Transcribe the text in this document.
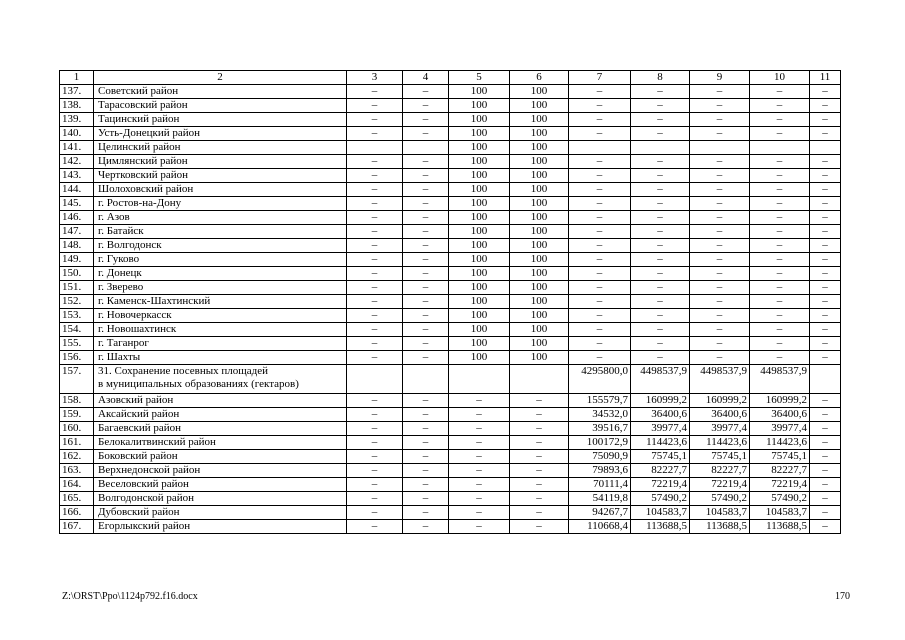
1	2	3	4	5	6	7	8	9	10	11
137.	Советский район	–	–	100	100	–	–	–	–	–
138.	Тарасовский район	–	–	100	100	–	–	–	–	–
139.	Тацинский район	–	–	100	100	–	–	–	–	–
140.	Усть-Донецкий район	–	–	100	100	–	–	–	–	–
141.	Целинский район			100	100					
142.	Цимлянский район	–	–	100	100	–	–	–	–	–
143.	Чертковский район	–	–	100	100	–	–	–	–	–
144.	Шолоховский район	–	–	100	100	–	–	–	–	–
145.	г. Ростов-на-Дону	–	–	100	100	–	–	–	–	–
146.	г. Азов	–	–	100	100	–	–	–	–	–
147.	г. Батайск	–	–	100	100	–	–	–	–	–
148.	г. Волгодонск	–	–	100	100	–	–	–	–	–
149.	г. Гуково	–	–	100	100	–	–	–	–	–
150.	г. Донецк	–	–	100	100	–	–	–	–	–
151.	г. Зверево	–	–	100	100	–	–	–	–	–
152.	г. Каменск-Шахтинский	–	–	100	100	–	–	–	–	–
153.	г. Новочеркасск	–	–	100	100	–	–	–	–	–
154.	г. Новошахтинск	–	–	100	100	–	–	–	–	–
155.	г. Таганрог	–	–	100	100	–	–	–	–	–
156.	г. Шахты	–	–	100	100	–	–	–	–	–
157.	31. Сохранение посевных площадей
в муниципальных образованиях (гектаров)					4295800,0	4498537,9	4498537,9	4498537,9	
158.	Азовский район	–	–	–	–	155579,7	160999,2	160999,2	160999,2	–
159.	Аксайский район	–	–	–	–	34532,0	36400,6	36400,6	36400,6	–
160.	Багаевский район	–	–	–	–	39516,7	39977,4	39977,4	39977,4	–
161.	Белокалитвинский район	–	–	–	–	100172,9	114423,6	114423,6	114423,6	–
162.	Боковский район	–	–	–	–	75090,9	75745,1	75745,1	75745,1	–
163.	Верхнедонской район	–	–	–	–	79893,6	82227,7	82227,7	82227,7	–
164.	Веселовский район	–	–	–	–	70111,4	72219,4	72219,4	72219,4	–
165.	Волгодонской район	–	–	–	–	54119,8	57490,2	57490,2	57490,2	–
166.	Дубовский район	–	–	–	–	94267,7	104583,7	104583,7	104583,7	–
167.	Егорлыкский район	–	–	–	–	110668,4	113688,5	113688,5	113688,5	–
Z:\ORST\Ppo\1124p792.f16.docx	170
